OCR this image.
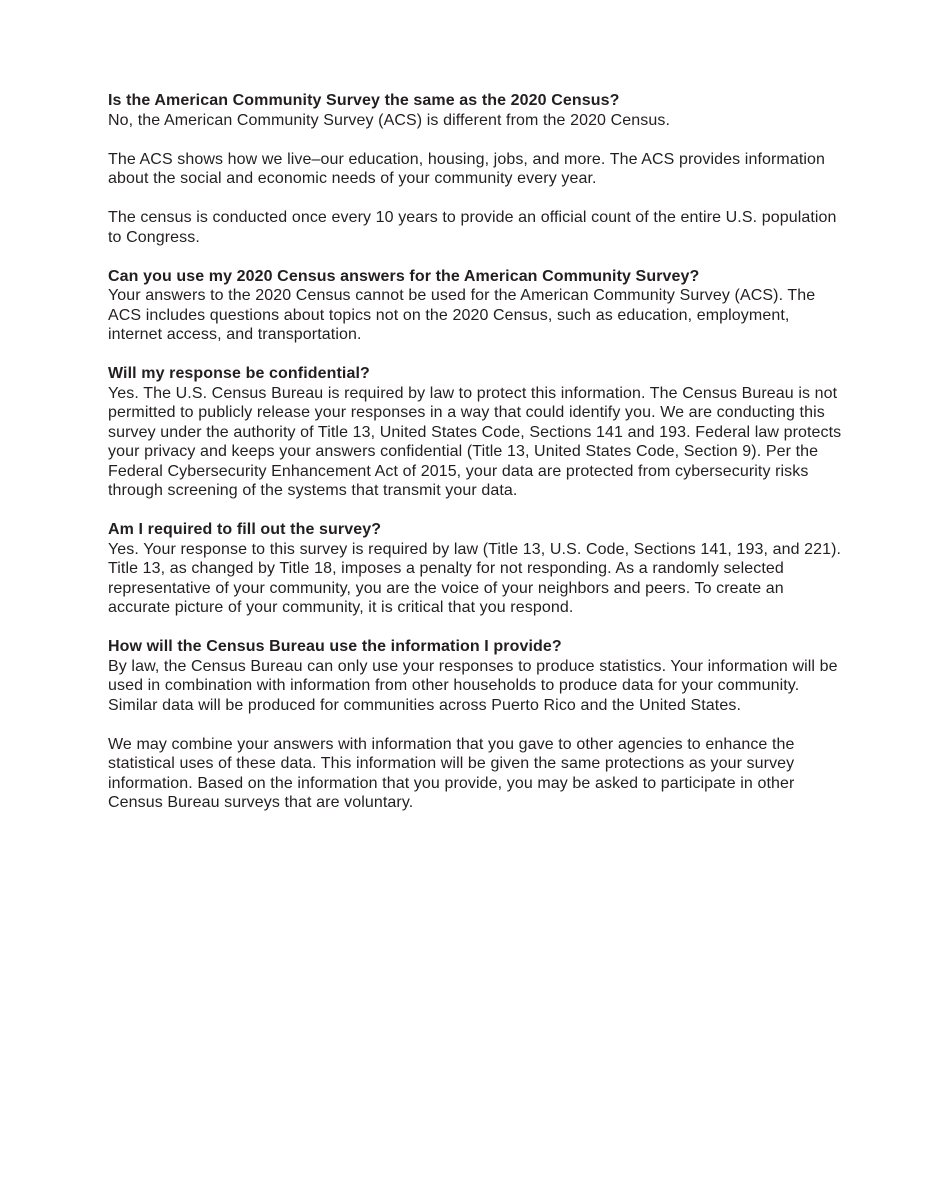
Is the American Community Survey the same as the 2020 Census?

No, the American Community Survey (ACS) is different from the 2020 Census.

The ACS shows how we live–our education, housing, jobs, and more. The ACS provides information about the social and economic needs of your community every year.

The census is conducted once every 10 years to provide an official count of the entire U.S. population to Congress.

Can you use my 2020 Census answers for the American Community Survey?

Your answers to the 2020 Census cannot be used for the American Community Survey (ACS). The ACS includes questions about topics not on the 2020 Census, such as education, employment, internet access, and transportation.

Will my response be confidential?

Yes. The U.S. Census Bureau is required by law to protect this information. The Census Bureau is not permitted to publicly release your responses in a way that could identify you. We are conducting this survey under the authority of Title 13, United States Code, Sections 141 and 193. Federal law protects your privacy and keeps your answers confidential (Title 13, United States Code, Section 9). Per the Federal Cybersecurity Enhancement Act of 2015, your data are protected from cybersecurity risks through screening of the systems that transmit your data.

Am I required to fill out the survey?

Yes. Your response to this survey is required by law (Title 13, U.S. Code, Sections 141, 193, and 221). Title 13, as changed by Title 18, imposes a penalty for not responding. As a randomly selected representative of your community, you are the voice of your neighbors and peers. To create an accurate picture of your community, it is critical that you respond.

How will the Census Bureau use the information I provide?

By law, the Census Bureau can only use your responses to produce statistics. Your information will be used in combination with information from other households to produce data for your community. Similar data will be produced for communities across Puerto Rico and the United States.

We may combine your answers with information that you gave to other agencies to enhance the statistical uses of these data. This information will be given the same protections as your survey information. Based on the information that you provide, you may be asked to participate in other Census Bureau surveys that are voluntary.
